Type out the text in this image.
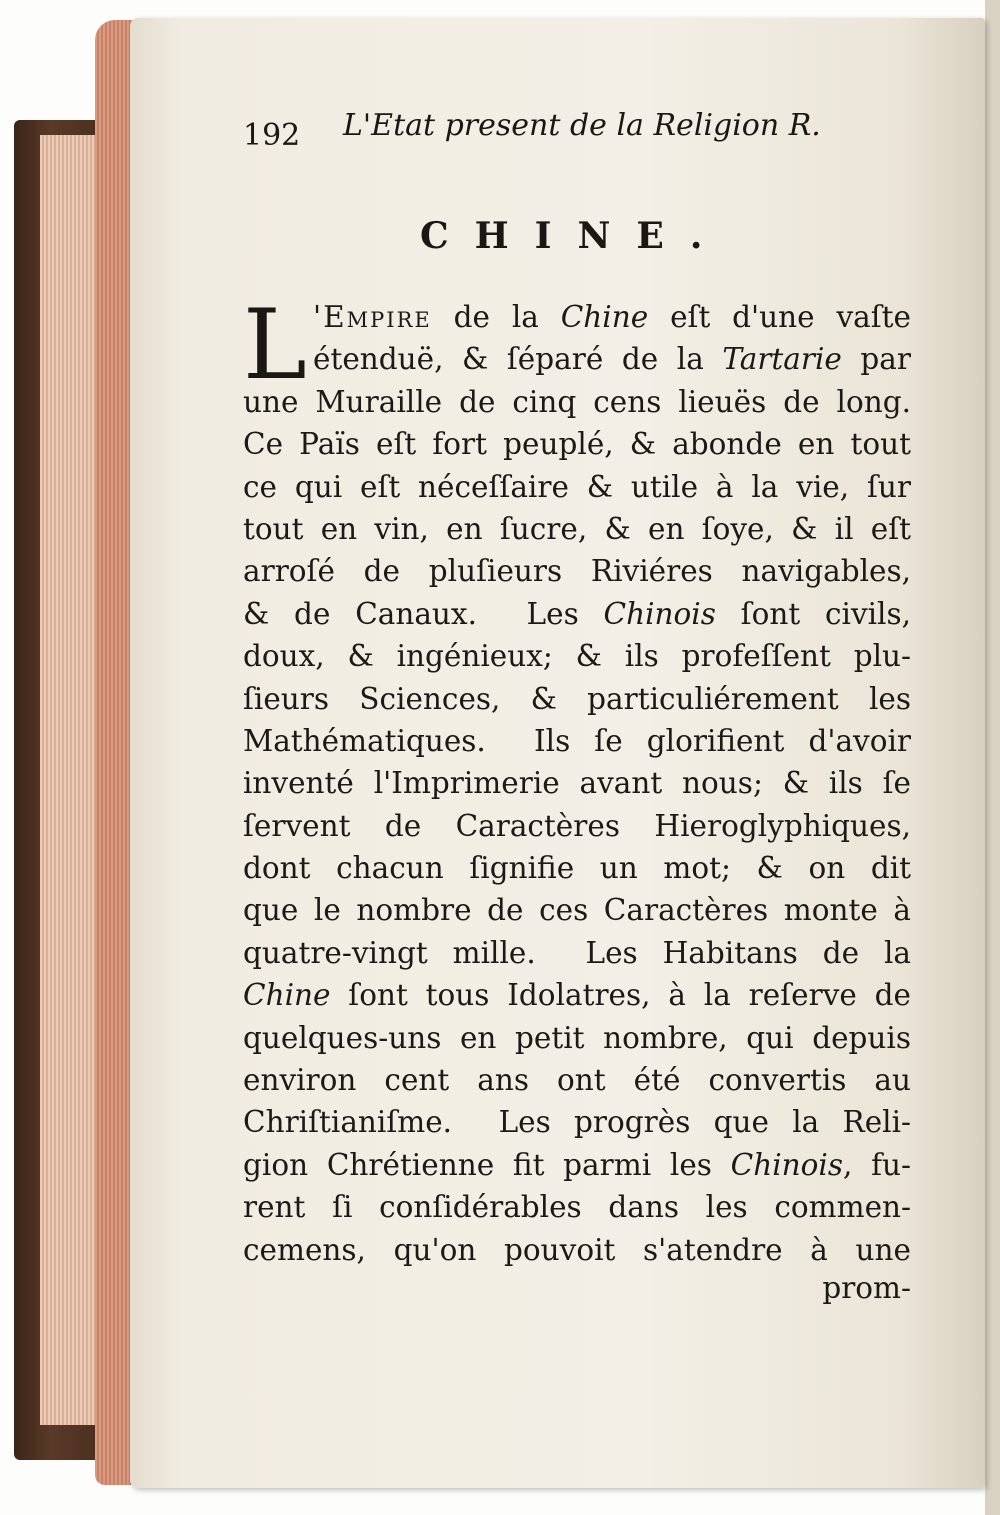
192 L'Etat present de la Religion R.
CHINE.
L 'Empire de la Chine eſt d'une vaſte
étenduë, & ſéparé de la Tartarie par
une Muraille de cinq cens lieuës de long.
Ce Païs eſt fort peuplé, & abonde en tout
ce qui eſt néceſſaire & utile à la vie, ſur
tout en vin, en ſucre, & en ſoye, & il eſt
arroſé de pluſieurs Riviéres navigables,
& de Canaux.  Les Chinois ſont civils,
doux, & ingénieux; & ils profeſſent plu-
ſieurs Sciences, & particuliérement les
Mathématiques.  Ils ſe glorifient d'avoir
inventé l'Imprimerie avant nous; & ils ſe
ſervent de Caractères Hieroglyphiques,
dont chacun ſignifie un mot; & on dit
que le nombre de ces Caractères monte à
quatre-vingt mille.  Les Habitans de la
Chine ſont tous Idolatres, à la reſerve de
quelques-uns en petit nombre, qui depuis
environ cent ans ont été convertis au
Chriſtianiſme.  Les progrès que la Reli-
gion Chrétienne fit parmi les Chinois, fu-
rent ſi conſidérables dans les commen-
cemens, qu'on pouvoit s'atendre à une
prom-
